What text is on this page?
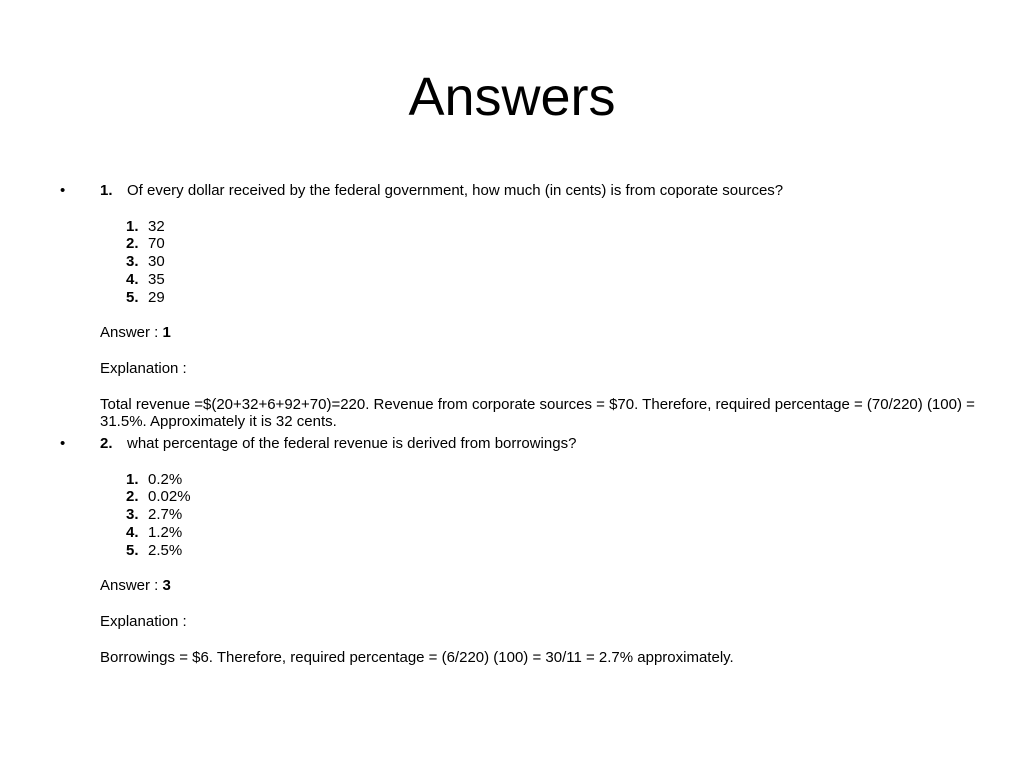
Answers
•	1. Of every dollar received by the federal government, how much (in cents) is from coporate sources?
1. 32
2. 70
3. 30
4. 35
5. 29
Answer : 1
Explanation :
Total revenue =$(20+32+6+92+70)=220. Revenue from corporate sources = $70. Therefore, required percentage = (70/220) (100) = 31.5%. Approximately it is 32 cents.
•	2. what percentage of the federal revenue is derived from borrowings?
1. 0.2%
2. 0.02%
3. 2.7%
4. 1.2%
5. 2.5%
Answer : 3
Explanation :
Borrowings = $6. Therefore, required percentage = (6/220) (100) = 30/11 = 2.7% approximately.
